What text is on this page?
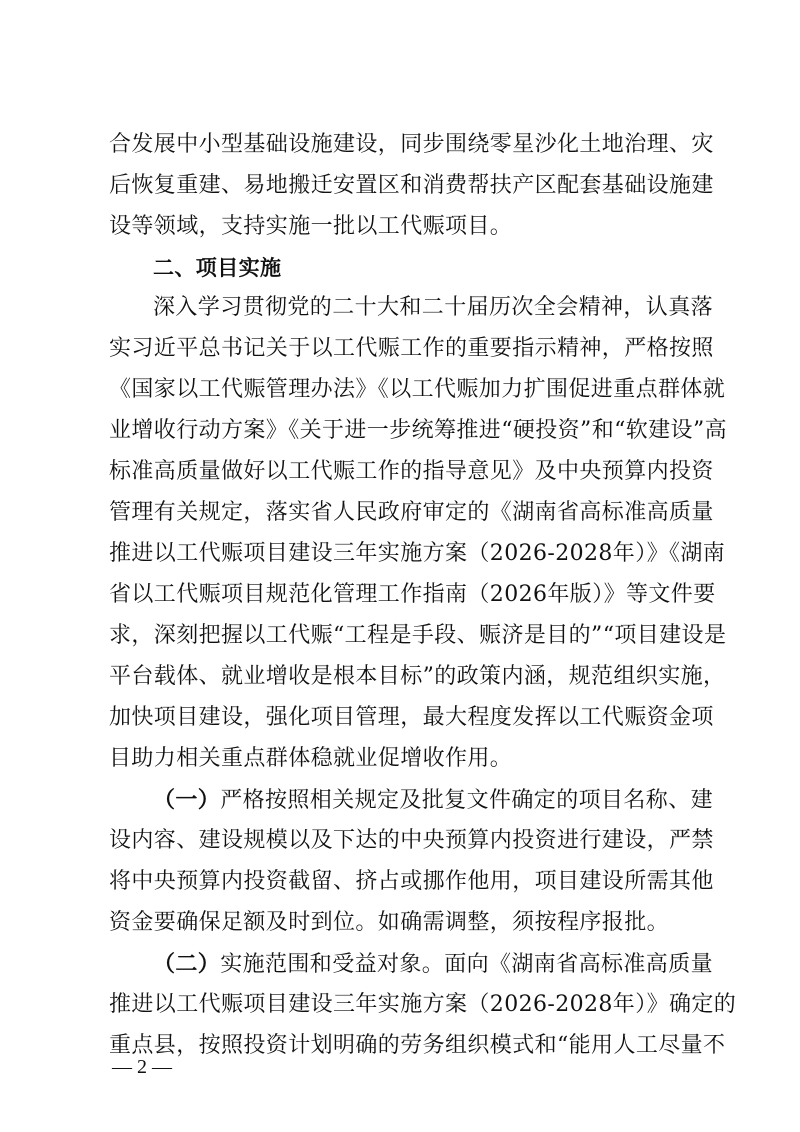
合发展中小型基础设施建设，同步围绕零星沙化土地治理、灾
后恢复重建、易地搬迁安置区和消费帮扶产区配套基础设施建
设等领域，支持实施一批以工代赈项目。
二、项目实施
深入学习贯彻党的二十大和二十届历次全会精神，认真落
实习近平总书记关于以工代赈工作的重要指示精神，严格按照
《国家以工代赈管理办法》《以工代赈加力扩围促进重点群体就
业增收行动方案》《关于进一步统筹推进“硬投资”和“软建设”高
标准高质量做好以工代赈工作的指导意见》及中央预算内投资
管理有关规定，落实省人民政府审定的《湖南省高标准高质量
推进以工代赈项目建设三年实施方案（2026-2028年）》《湖南
省以工代赈项目规范化管理工作指南（2026年版）》等文件要
求，深刻把握以工代赈“工程是手段、赈济是目的”“项目建设是
平台载体、就业增收是根本目标”的政策内涵，规范组织实施，
加快项目建设，强化项目管理，最大程度发挥以工代赈资金项
目助力相关重点群体稳就业促增收作用。
（一）严格按照相关规定及批复文件确定的项目名称、建
设内容、建设规模以及下达的中央预算内投资进行建设，严禁
将中央预算内投资截留、挤占或挪作他用，项目建设所需其他
资金要确保足额及时到位。如确需调整，须按程序报批。
（二）实施范围和受益对象。面向《湖南省高标准高质量
推进以工代赈项目建设三年实施方案（2026-2028年）》确定的
重点县，按照投资计划明确的劳务组织模式和“能用人工尽量不
— 2 —
